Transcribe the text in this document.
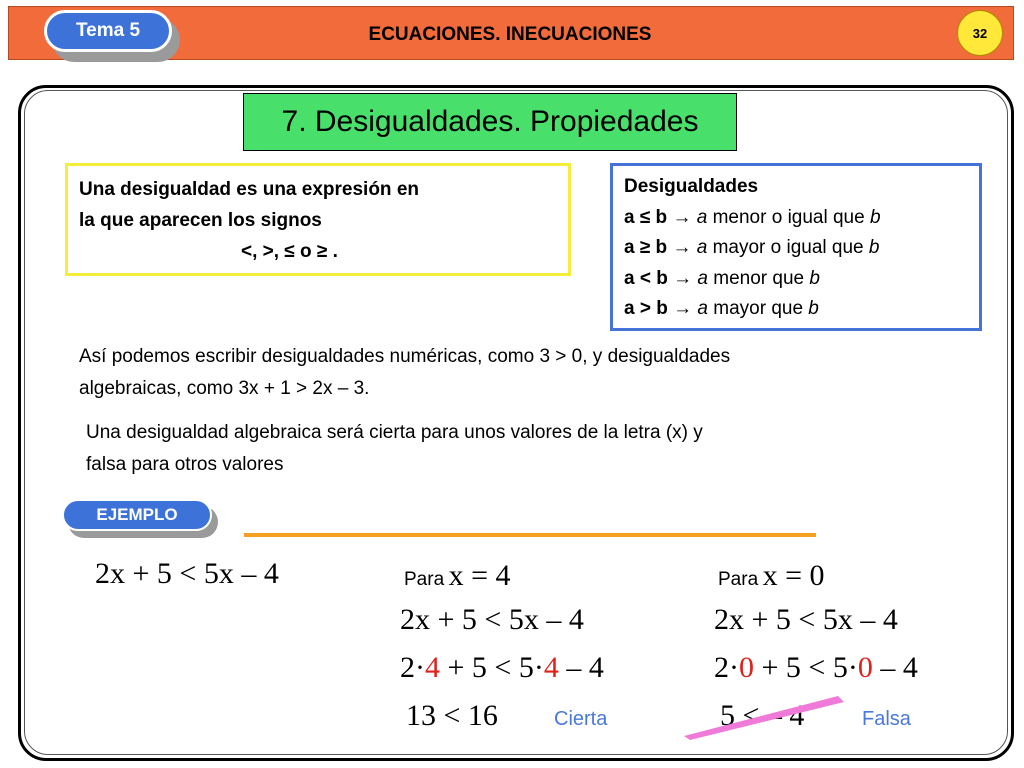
Tema 5	ECUACIONES. INECUACIONES	32
7. Desigualdades. Propiedades
Una desigualdad es una expresión en
la que aparecen los signos
<, >, ≤ o ≥ .
Desigualdades
a ≤ b → a menor o igual que b
a ≥ b → a mayor o igual que b
a < b → a menor que b
a > b → a mayor que b
Así podemos escribir desigualdades numéricas, como 3 > 0, y desigualdades
algebraicas, como 3x + 1 > 2x – 3.
Una desigualdad algebraica será cierta para unos valores de la letra (x) y
falsa para otros valores
EJEMPLO
2x + 5 < 5x – 4	Para x = 4
2x + 5 < 5x – 4
2·4 + 5 < 5·4 – 4
13 < 16	Cierta
Para x = 0
2x + 5 < 5x – 4
2·0 + 5 < 5·0 – 4
5 < – 4	Falsa
